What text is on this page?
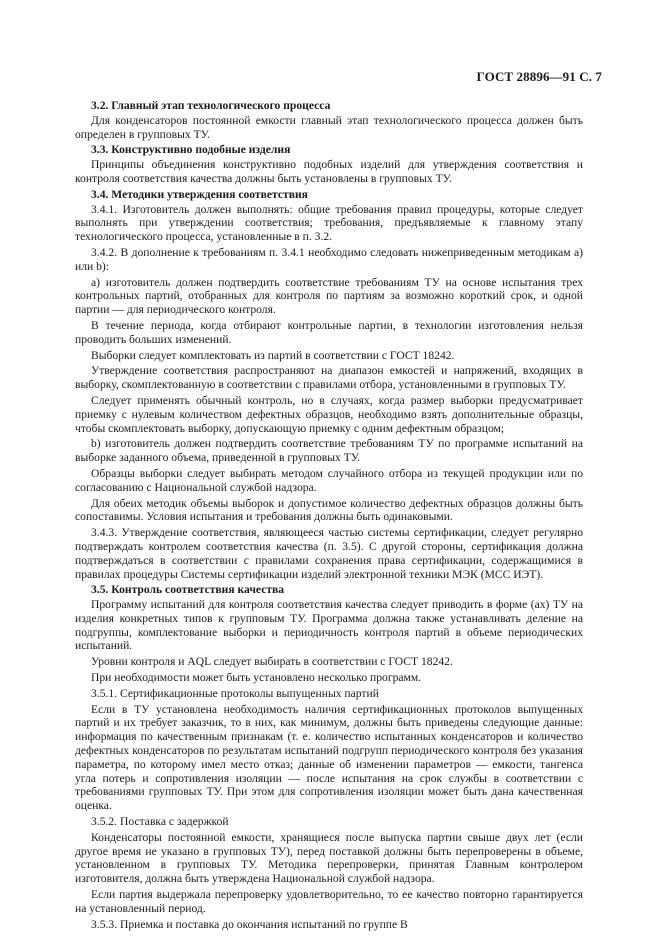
ГОСТ 28896—91 С. 7

3.2. Главный этап технологического процесса

Для конденсаторов постоянной емкости главный этап технологического процесса должен быть определен в групповых ТУ.

3.3. Конструктивно подобные изделия

Принципы объединения конструктивно подобных изделий для утверждения соответствия и контроля соответствия качества должны быть установлены в групповых ТУ.

3.4. Методики утверждения соответствия

3.4.1. Изготовитель должен выполнять: общие требования правил процедуры, которые следует выполнять при утверждении соответствия; требования, предъявляемые к главному этапу технологического процесса, установленные в п. 3.2.

3.4.2. В дополнение к требованиям п. 3.4.1 необходимо следовать нижеприведенным методикам а) или b):

а) изготовитель должен подтвердить соответствие требованиям ТУ на основе испытания трех контрольных партий, отобранных для контроля по партиям за возможно короткий срок, и одной партии — для периодического контроля.

В течение периода, когда отбирают контрольные партии, в технологии изготовления нельзя проводить больших изменений.

Выборки следует комплектовать из партий в соответствии с ГОСТ 18242.

Утверждение соответствия распространяют на диапазон емкостей и напряжений, входящих в выборку, скомплектованную в соответствии с правилами отбора, установленными в групповых ТУ.

Следует применять обычный контроль, но в случаях, когда размер выборки предусматривает приемку с нулевым количеством дефектных образцов, необходимо взять дополнительные образцы, чтобы скомплектовать выборку, допускающую приемку с одним дефектным образцом;

b) изготовитель должен подтвердить соответствие требованиям ТУ по программе испытаний на выборке заданного объема, приведенной в групповых ТУ.

Образцы выборки следует выбирать методом случайного отбора из текущей продукции или по согласованию с Национальной службой надзора.

Для обеих методик объемы выборок и допустимое количество дефектных образцов должны быть сопоставимы. Условия испытания и требования должны быть одинаковыми.

3.4.3. Утверждение соответствия, являющееся частью системы сертификации, следует регулярно подтверждать контролем соответствия качества (п. 3.5). С другой стороны, сертификация должна подтверждаться в соответствии с правилами сохранения права сертификации, содержащимися в правилах процедуры Системы сертификации изделий электронной техники МЭК (МСС ИЭТ).

3.5. Контроль соответствия качества

Программу испытаний для контроля соответствия качества следует приводить в форме (ах) ТУ на изделия конкретных типов к групповым ТУ. Программа должна также устанавливать деление на подгруппы, комплектование выборки и периодичность контроля партий в объеме периодических испытаний.

Уровни контроля и AQL следует выбирать в соответствии с ГОСТ 18242.

При необходимости может быть установлено несколько программ.

3.5.1. Сертификационные протоколы выпущенных партий

Если в ТУ установлена необходимость наличия сертификационных протоколов выпущенных партий и их требует заказчик, то в них, как минимум, должны быть приведены следующие данные: информация по качественным признакам (т. е. количество испытанных конденсаторов и количество дефектных конденсаторов по результатам испытаний подгрупп периодического контроля без указания параметра, по которому имел место отказ; данные об изменении параметров — емкости, тангенса угла потерь и сопротивления изоляции — после испытания на срок службы в соответствии с требованиями групповых ТУ. При этом для сопротивления изоляции может быть дана качественная оценка.

3.5.2. Поставка с задержкой

Конденсаторы постоянной емкости, хранящиеся после выпуска партии свыше двух лет (если другое время не указано в групповых ТУ), перед поставкой должны быть перепроверены в объеме, установленном в групповых ТУ. Методика перепроверки, принятая Главным контролером изготовителя, должна быть утверждена Национальной службой надзора.

Если партия выдержала перепроверку удовлетворительно, то ее качество повторно гарантируется на установленный период.

3.5.3. Приемка и поставка до окончания испытаний по группе В
